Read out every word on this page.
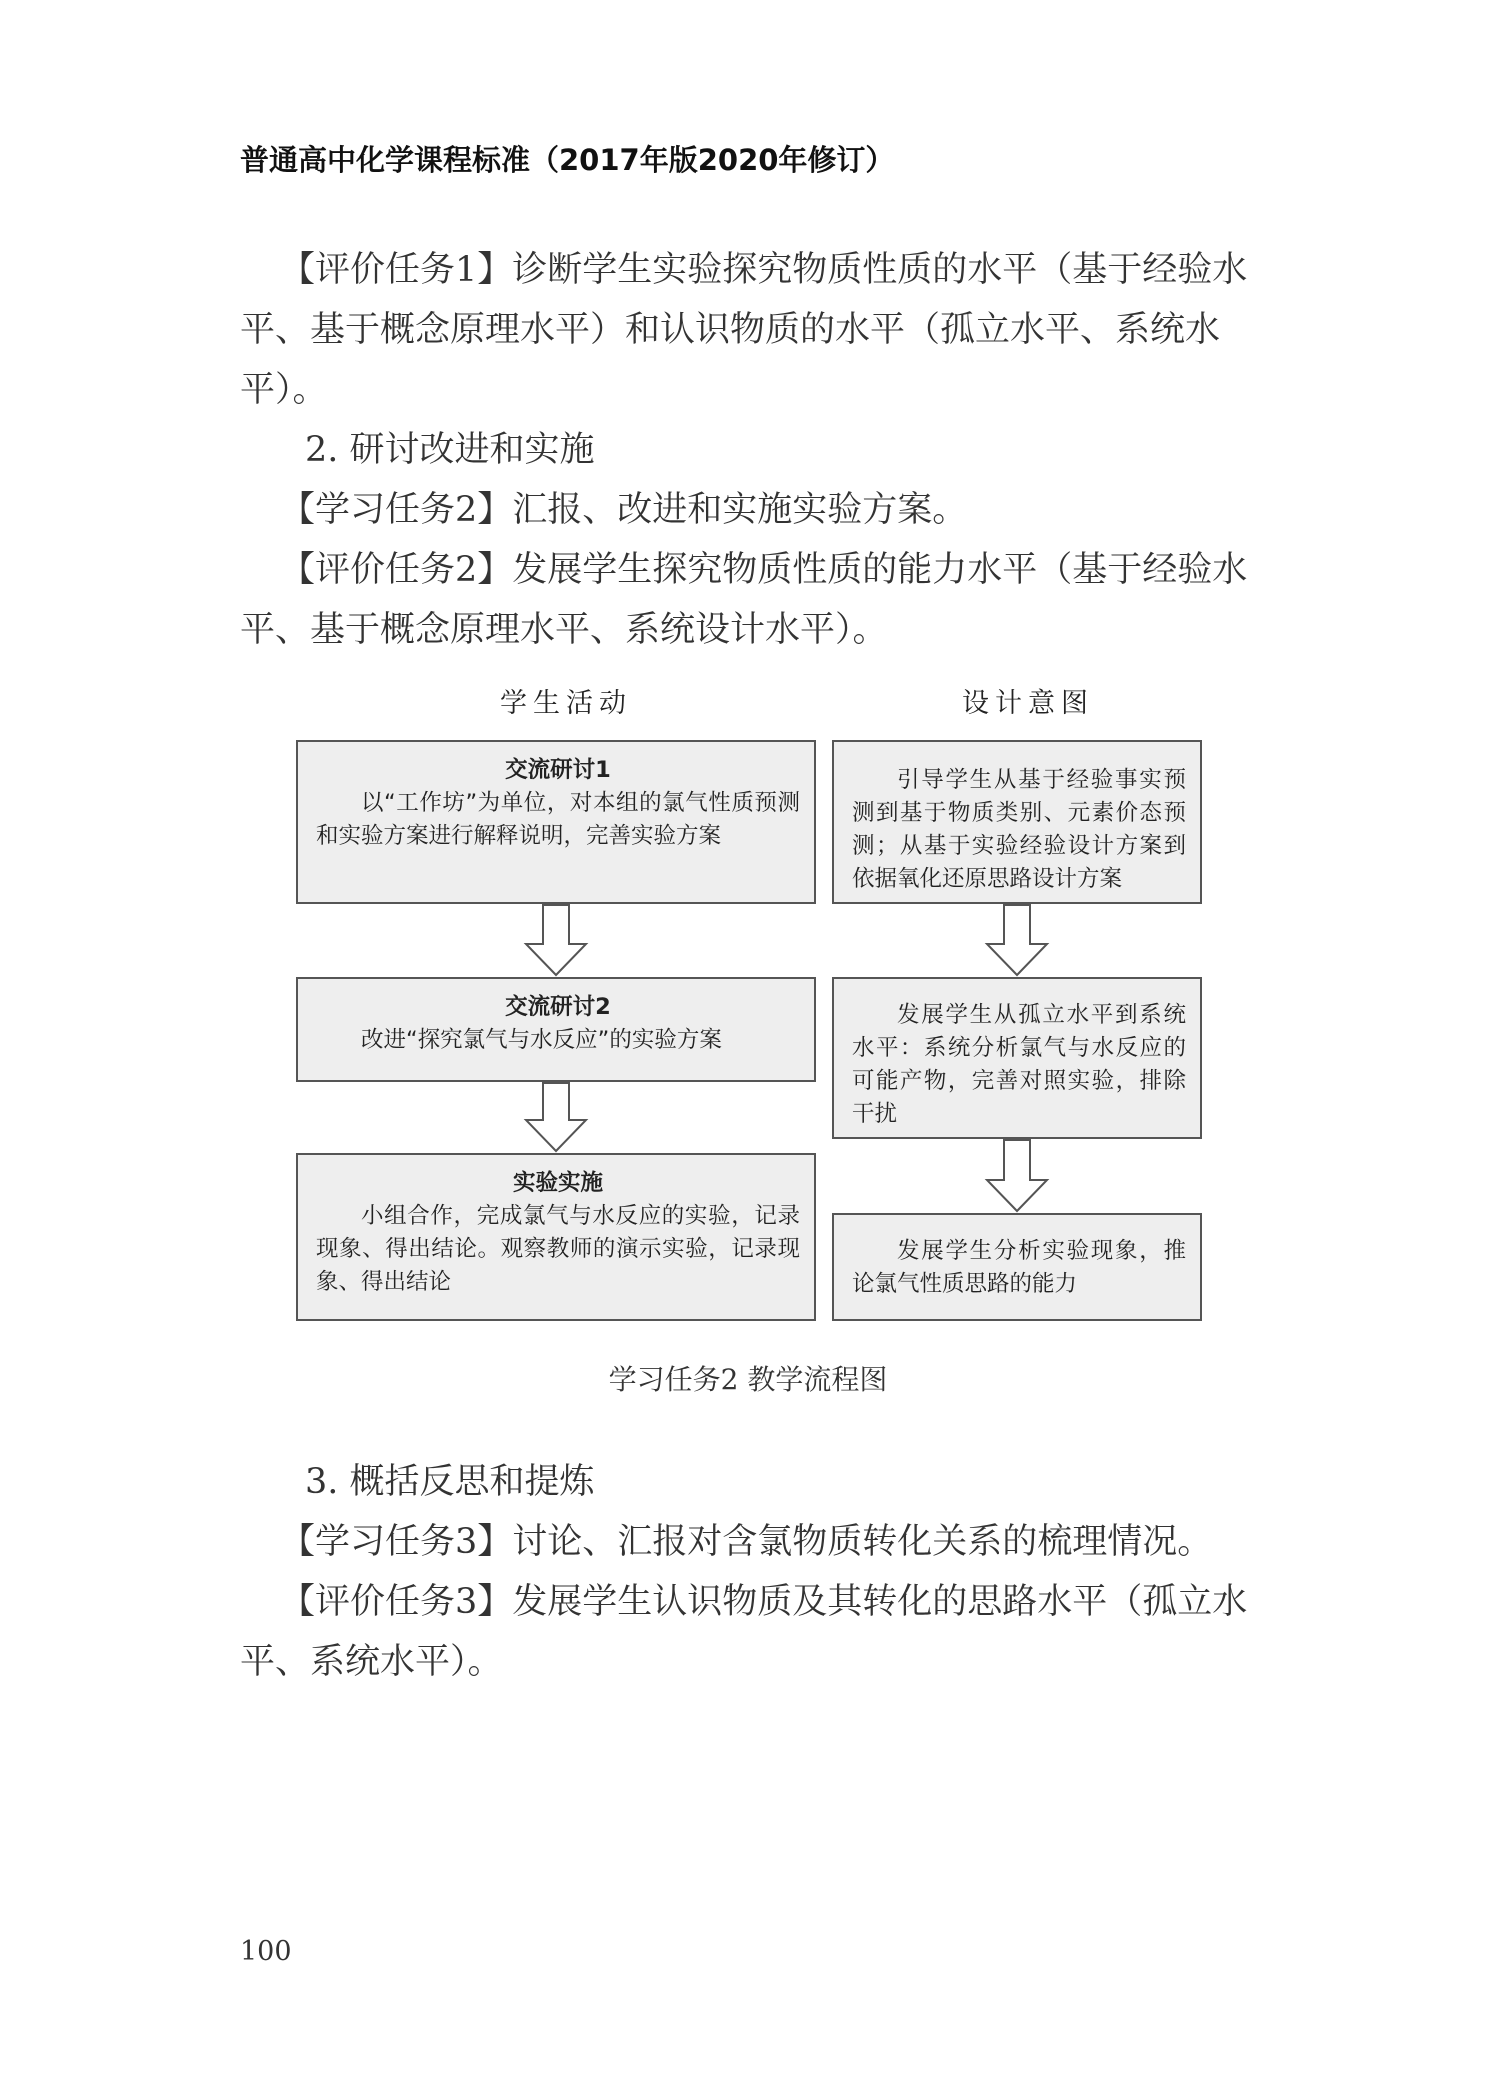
普通高中化学课程标准（2017年版2020年修订）

【评价任务1】诊断学生实验探究物质性质的水平（基于经验水平、基于概念原理水平）和认识物质的水平（孤立水平、系统水平）。

2. 研讨改进和实施

【学习任务2】汇报、改进和实施实验方案。

【评价任务2】发展学生探究物质性质的能力水平（基于经验水平、基于概念原理水平、系统设计水平）。

学生活动	设计意图
交流研讨1
以“工作坊”为单位，对本组的氯气性质预测和实验方案进行解释说明，完善实验方案
交流研讨2
改进“探究氯气与水反应”的实验方案
实验实施
小组合作，完成氯气与水反应的实验，记录现象、得出结论。观察教师的演示实验，记录现象、得出结论
引导学生从基于经验事实预测到基于物质类别、元素价态预测；从基于实验经验设计方案到依据氧化还原思路设计方案
发展学生从孤立水平到系统水平：系统分析氯气与水反应的可能产物，完善对照实验，排除干扰
发展学生分析实验现象，推论氯气性质思路的能力
学习任务2 教学流程图

3. 概括反思和提炼

【学习任务3】讨论、汇报对含氯物质转化关系的梳理情况。

【评价任务3】发展学生认识物质及其转化的思路水平（孤立水平、系统水平）。

100
